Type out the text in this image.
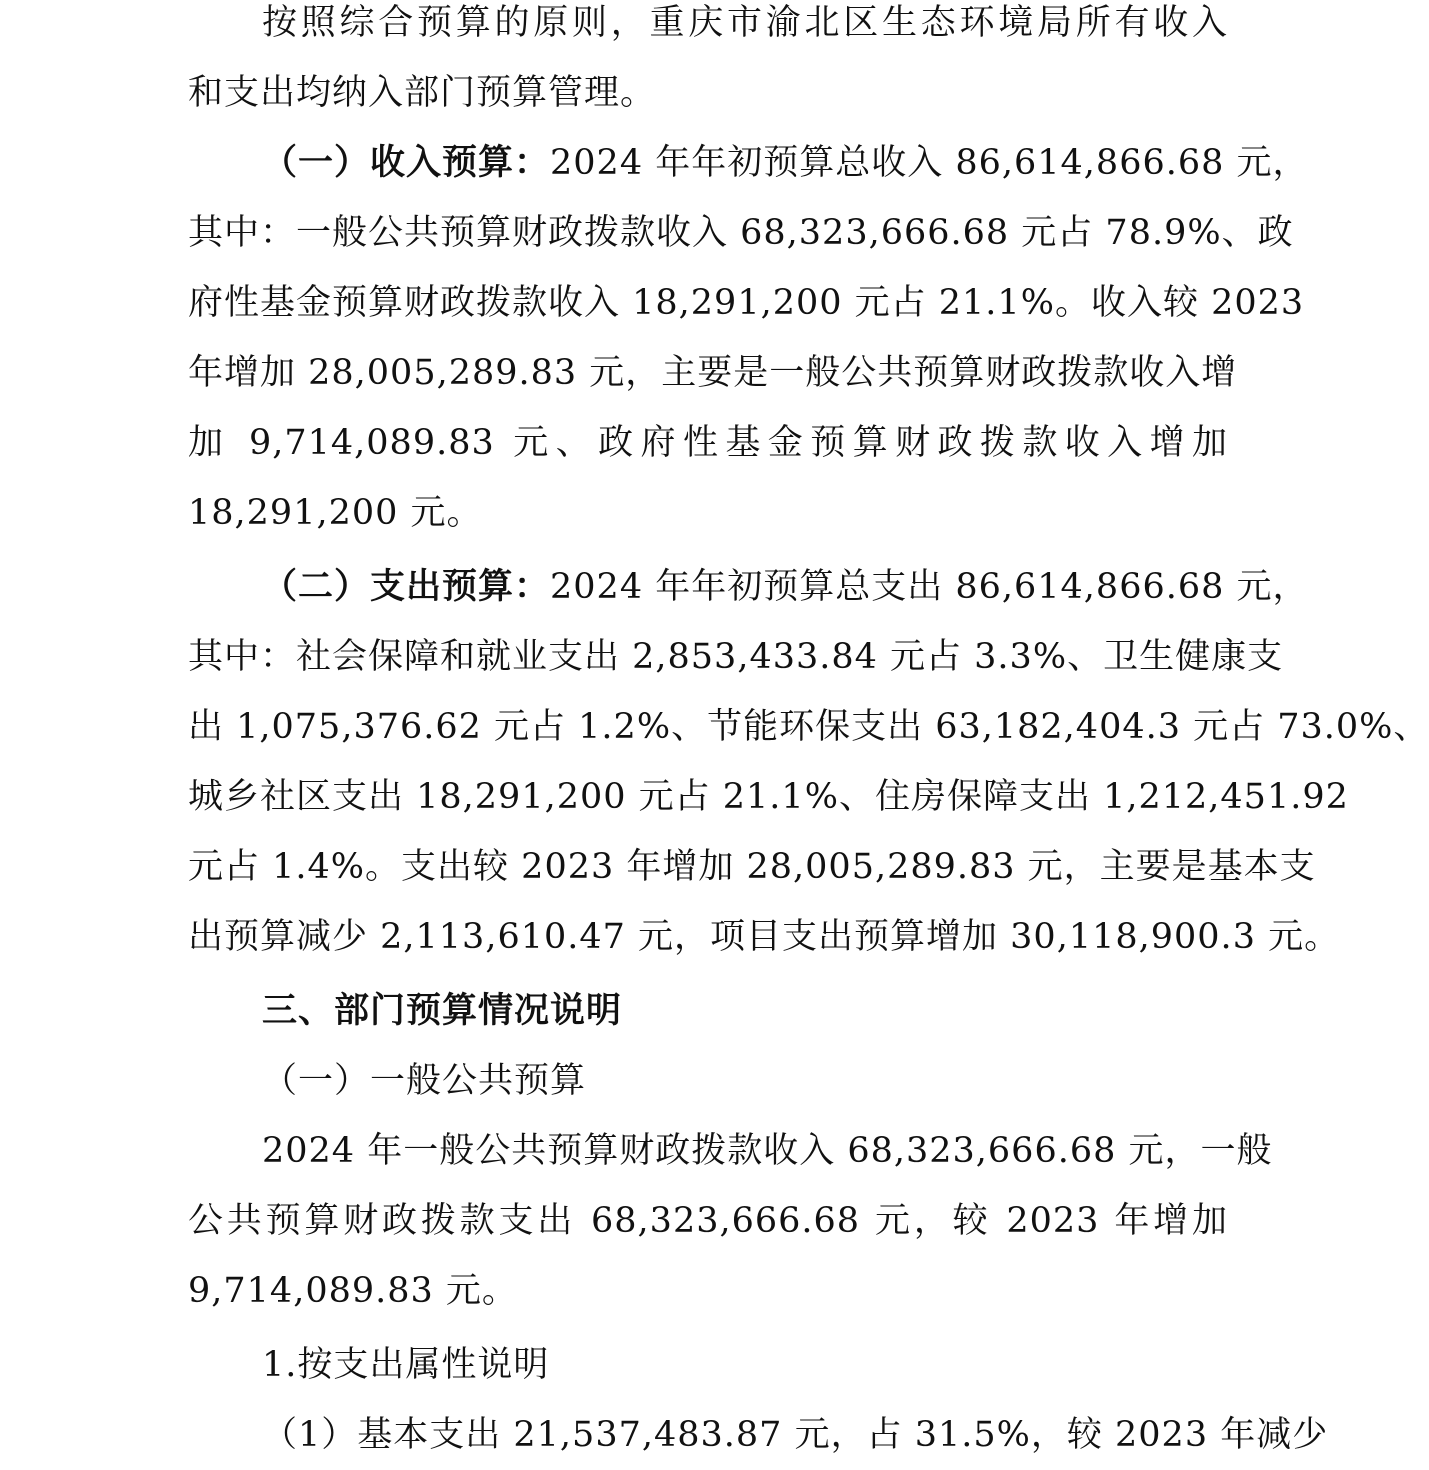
按照综合预算的原则，重庆市渝北区生态环境局所有收入
和支出均纳入部门预算管理。
（一）收入预算：2024 年年初预算总收入 86,614,866.68 元，
其中：一般公共预算财政拨款收入 68,323,666.68 元占 78.9%、政
府性基金预算财政拨款收入 18,291,200 元占 21.1%。收入较 2023
年增加 28,005,289.83 元，主要是一般公共预算财政拨款收入增
加 9,714,089.83 元、政府性基金预算财政拨款收入增加
18,291,200 元。
（二）支出预算：2024 年年初预算总支出 86,614,866.68 元，
其中：社会保障和就业支出 2,853,433.84 元占 3.3%、卫生健康支
出 1,075,376.62 元占 1.2%、节能环保支出 63,182,404.3 元占 73.0%、
城乡社区支出 18,291,200 元占 21.1%、住房保障支出 1,212,451.92
元占 1.4%。支出较 2023 年增加 28,005,289.83 元，主要是基本支
出预算减少 2,113,610.47 元，项目支出预算增加 30,118,900.3 元。
三、部门预算情况说明
（一）一般公共预算
2024 年一般公共预算财政拨款收入 68,323,666.68 元，一般
公共预算财政拨款支出 68,323,666.68 元，较 2023 年增加
9,714,089.83 元。
1.按支出属性说明
（1）基本支出 21,537,483.87 元，占 31.5%，较 2023 年减少
